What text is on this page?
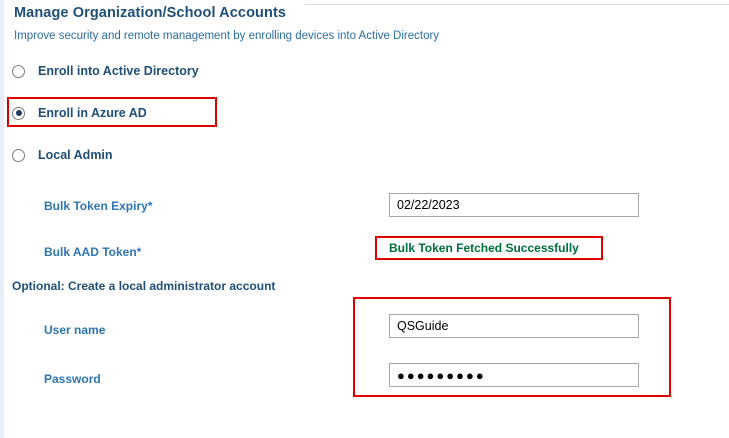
Manage Organization/School Accounts
Improve security and remote management by enrolling devices into Active Directory
Enroll into Active Directory
Enroll in Azure AD
Local Admin
Bulk Token Expiry*
02/22/2023
Bulk AAD Token*	Bulk Token Fetched Successfully
Optional: Create a local administrator account
User name
QSGuide
Password
●●●●●●●●●
